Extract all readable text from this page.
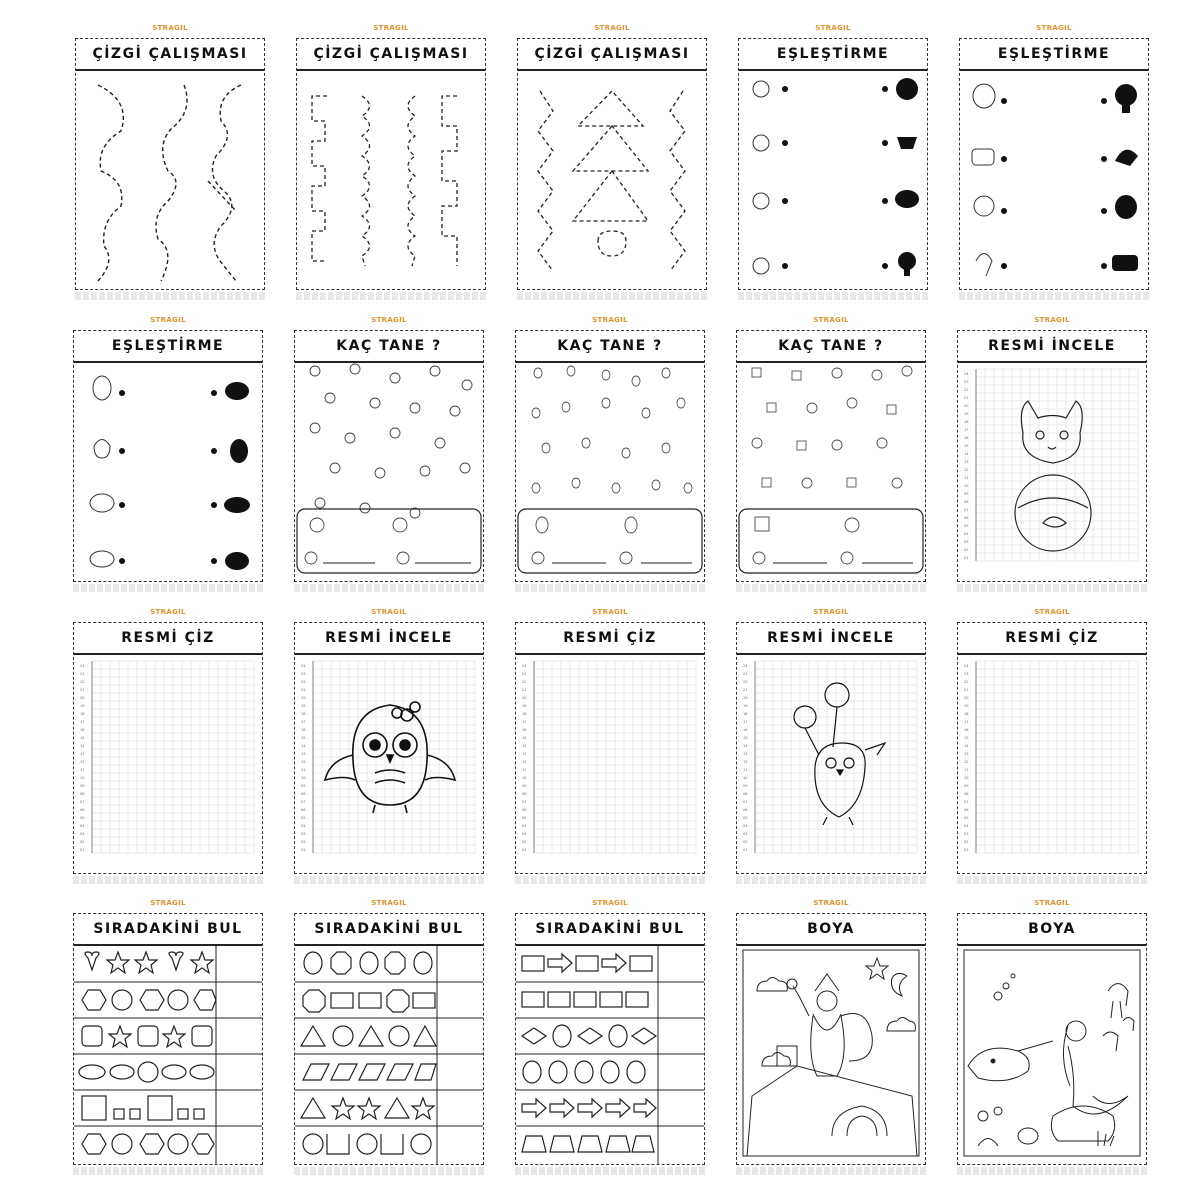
STRAGIL
ÇİZGİ ÇALIŞMASI
STRAGIL
ÇİZGİ ÇALIŞMASI
STRAGIL
ÇİZGİ ÇALIŞMASI
STRAGIL
EŞLEŞTİRME
STRAGIL
EŞLEŞTİRME
STRAGIL
EŞLEŞTİRME
STRAGIL
KAÇ TANE ?
STRAGIL
KAÇ TANE ?
STRAGIL
KAÇ TANE ?
STRAGIL
RESMİ İNCELE
24
23
22
21
20
19
18
17
16
15
14
13
12
11
10
09
08
07
06
05
04
03
02
01
STRAGIL
RESMİ ÇİZ
24
23
22
21
20
19
18
17
16
15
14
13
12
11
10
09
08
07
06
05
04
03
02
01
STRAGIL
RESMİ İNCELE
24
23
22
21
20
19
18
17
16
15
14
13
12
11
10
09
08
07
06
05
04
03
02
01
STRAGIL
RESMİ ÇİZ
24
23
22
21
20
19
18
17
16
15
14
13
12
11
10
09
08
07
06
05
04
03
02
01
STRAGIL
RESMİ İNCELE
24
23
22
21
20
19
18
17
16
15
14
13
12
11
10
09
08
07
06
05
04
03
02
01
STRAGIL
RESMİ ÇİZ
24
23
22
21
20
19
18
17
16
15
14
13
12
11
10
09
08
07
06
05
04
03
02
01
STRAGIL
SIRADAKİNİ BUL
STRAGIL
SIRADAKİNİ BUL
STRAGIL
SIRADAKİNİ BUL
STRAGIL
BOYA
STRAGIL
BOYA
